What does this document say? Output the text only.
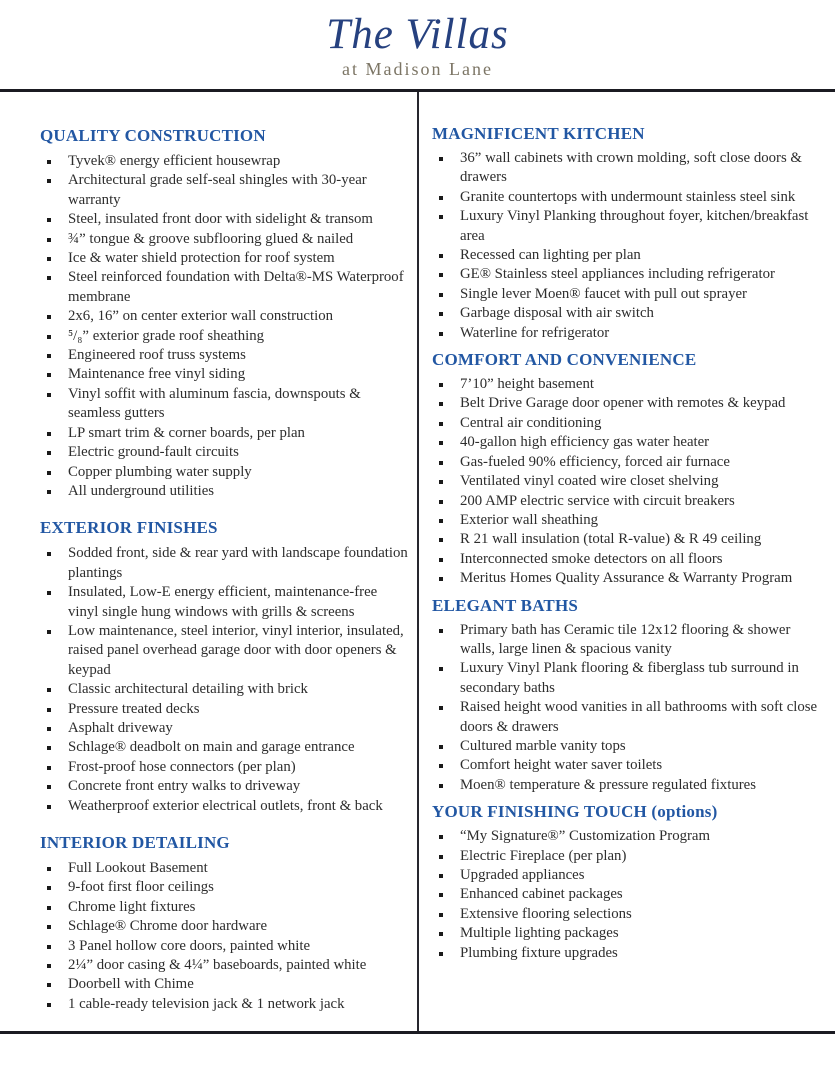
The Villas
at Madison Lane
QUALITY CONSTRUCTION
Tyvek® energy efficient housewrap
Architectural grade self-seal shingles with 30-year warranty
Steel, insulated front door with sidelight & transom
¾” tongue & groove subflooring glued & nailed
Ice & water shield protection for roof system
Steel reinforced foundation with Delta®-MS Waterproof membrane
2x6, 16” on center exterior wall construction
⁵/₈” exterior grade roof sheathing
Engineered roof truss systems
Maintenance free vinyl siding
Vinyl soffit with aluminum fascia, downspouts & seamless gutters
LP smart trim & corner boards, per plan
Electric ground-fault circuits
Copper plumbing water supply
All underground utilities
EXTERIOR FINISHES
Sodded front, side & rear yard with landscape foundation plantings
Insulated, Low-E energy efficient, maintenance-free vinyl single hung windows with grills & screens
Low maintenance, steel interior, vinyl interior, insulated, raised panel overhead garage door with door openers & keypad
Classic architectural detailing with brick
Pressure treated decks
Asphalt driveway
Schlage® deadbolt on main and garage entrance
Frost-proof hose connectors (per plan)
Concrete front entry walks to driveway
Weatherproof exterior electrical outlets, front & back
INTERIOR DETAILING
Full Lookout Basement
9-foot first floor ceilings
Chrome light fixtures
Schlage® Chrome door hardware
3 Panel hollow core doors, painted white
2¼” door casing & 4¼” baseboards, painted white
Doorbell with Chime
1 cable-ready television jack & 1 network jack
MAGNIFICENT KITCHEN
36” wall cabinets with crown molding, soft close doors & drawers
Granite countertops with undermount stainless steel sink
Luxury Vinyl Planking throughout foyer, kitchen/breakfast area
Recessed can lighting per plan
GE® Stainless steel appliances including refrigerator
Single lever Moen® faucet with pull out sprayer
Garbage disposal with air switch
Waterline for refrigerator
COMFORT AND CONVENIENCE
7’10” height basement
Belt Drive Garage door opener with remotes & keypad
Central air conditioning
40-gallon high efficiency gas water heater
Gas-fueled 90% efficiency, forced air furnace
Ventilated vinyl coated wire closet shelving
200 AMP electric service with circuit breakers
Exterior wall sheathing
R 21 wall insulation (total R-value) & R 49 ceiling
Interconnected smoke detectors on all floors
Meritus Homes Quality Assurance & Warranty Program
ELEGANT BATHS
Primary bath has Ceramic tile 12x12 flooring & shower walls, large linen & spacious vanity
Luxury Vinyl Plank flooring & fiberglass tub surround in secondary baths
Raised height wood vanities in all bathrooms with soft close doors & drawers
Cultured marble vanity tops
Comfort height water saver toilets
Moen® temperature & pressure regulated fixtures
YOUR FINISHING TOUCH (options)
“My Signature®” Customization Program
Electric Fireplace (per plan)
Upgraded appliances
Enhanced cabinet packages
Extensive flooring selections
Multiple lighting packages
Plumbing fixture upgrades
